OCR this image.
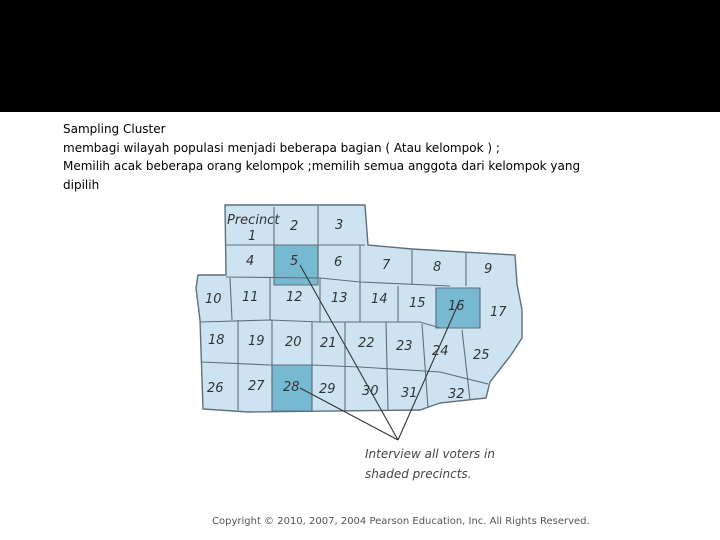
Sampling Cluster
membagi wilayah populasi menjadi beberapa bagian ( Atau kelompok ) ;
Memilih acak beberapa orang kelompok ;memilih semua anggota dari kelompok yang
dipilih
Precinct
1
2	3
4	5	6	7	8	9
10 11 12 13 14 15 16 17
18 19 20 21 22 23 24 25
26 27 28 29 30 31 32
Interview all voters in
shaded precincts.
Copyright © 2010, 2007, 2004 Pearson Education, Inc. All Rights Reserved.
